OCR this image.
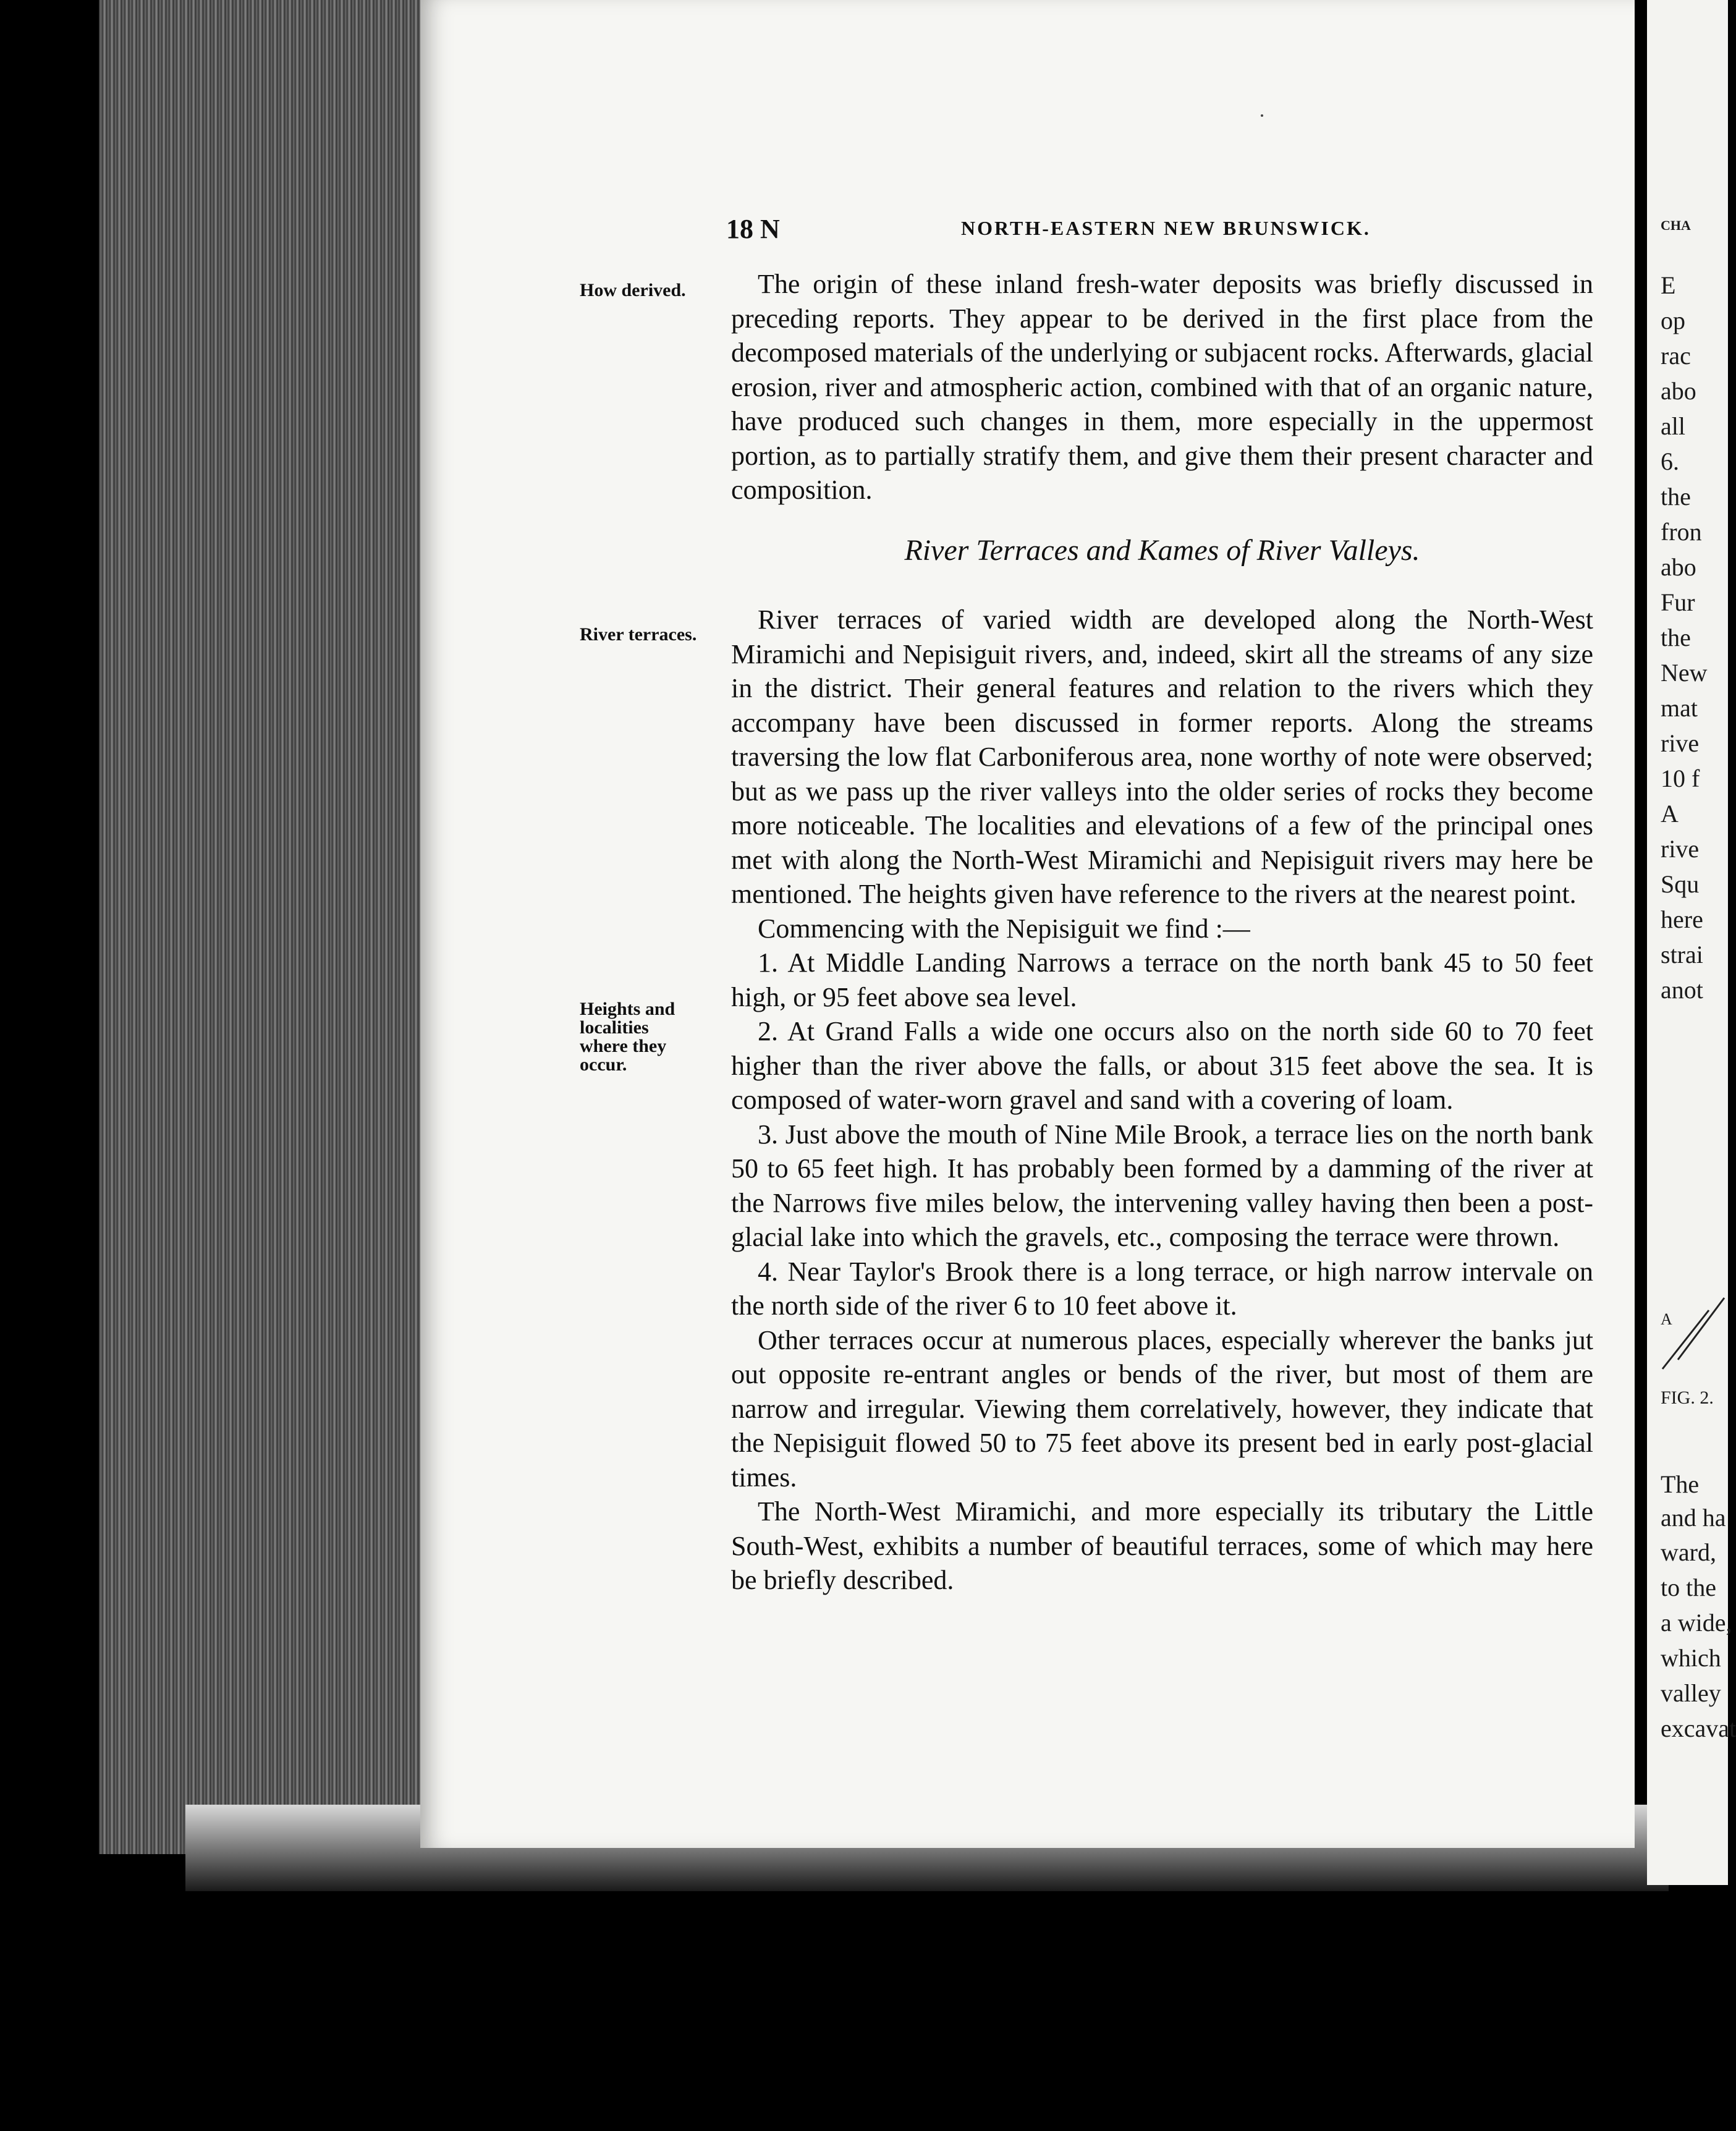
18 N	NORTH-EASTERN NEW BRUNSWICK.
How derived.
River terraces.
Heights and
localities
where they
occur.

The origin of these inland fresh-water deposits was briefly discussed in preceding reports. They appear to be derived in the first place from the decomposed materials of the underlying or subjacent rocks. Afterwards, glacial erosion, river and atmospheric action, combined with that of an organic nature, have produced such changes in them, more especially in the uppermost portion, as to partially stratify them, and give them their present character and composition.

River Terraces and Kames of River Valleys.

River terraces of varied width are developed along the North-West Miramichi and Nepisiguit rivers, and, indeed, skirt all the streams of any size in the district. Their general features and relation to the rivers which they accompany have been discussed in former reports. Along the streams traversing the low flat Carboniferous area, none worthy of note were observed; but as we pass up the river valleys into the older series of rocks they become more noticeable. The localities and elevations of a few of the principal ones met with along the North-West Miramichi and Nepisiguit rivers may here be mentioned. The heights given have reference to the rivers at the nearest point.

Commencing with the Nepisiguit we find :—

1. At Middle Landing Narrows a terrace on the north bank 45 to 50 feet high, or 95 feet above sea level.

2. At Grand Falls a wide one occurs also on the north side 60 to 70 feet higher than the river above the falls, or about 315 feet above the sea. It is composed of water-worn gravel and sand with a covering of loam.

3. Just above the mouth of Nine Mile Brook, a terrace lies on the north bank 50 to 65 feet high. It has probably been formed by a damming of the river at the Narrows five miles below, the intervening valley having then been a post-glacial lake into which the gravels, etc., composing the terrace were thrown.

4. Near Taylor's Brook there is a long terrace, or high narrow intervale on the north side of the river 6 to 10 feet above it.

Other terraces occur at numerous places, especially wherever the banks jut out opposite re-entrant angles or bends of the river, but most of them are narrow and irregular. Viewing them correlatively, however, they indicate that the Nepisiguit flowed 50 to 75 feet above its present bed in early post-glacial times.

The North-West Miramichi, and more especially its tributary the Little South-West, exhibits a number of beautiful terraces, some of which may here be briefly described.

CHA
E
op
rac
abo
all
6.
the
fron
abo
Fur
the
New
mat
rive
10 f
A
rive
Squ
here
strai
anot
A
FIG. 2.
The
and ha
ward,
to the
a wide,
which
valley
excavat
